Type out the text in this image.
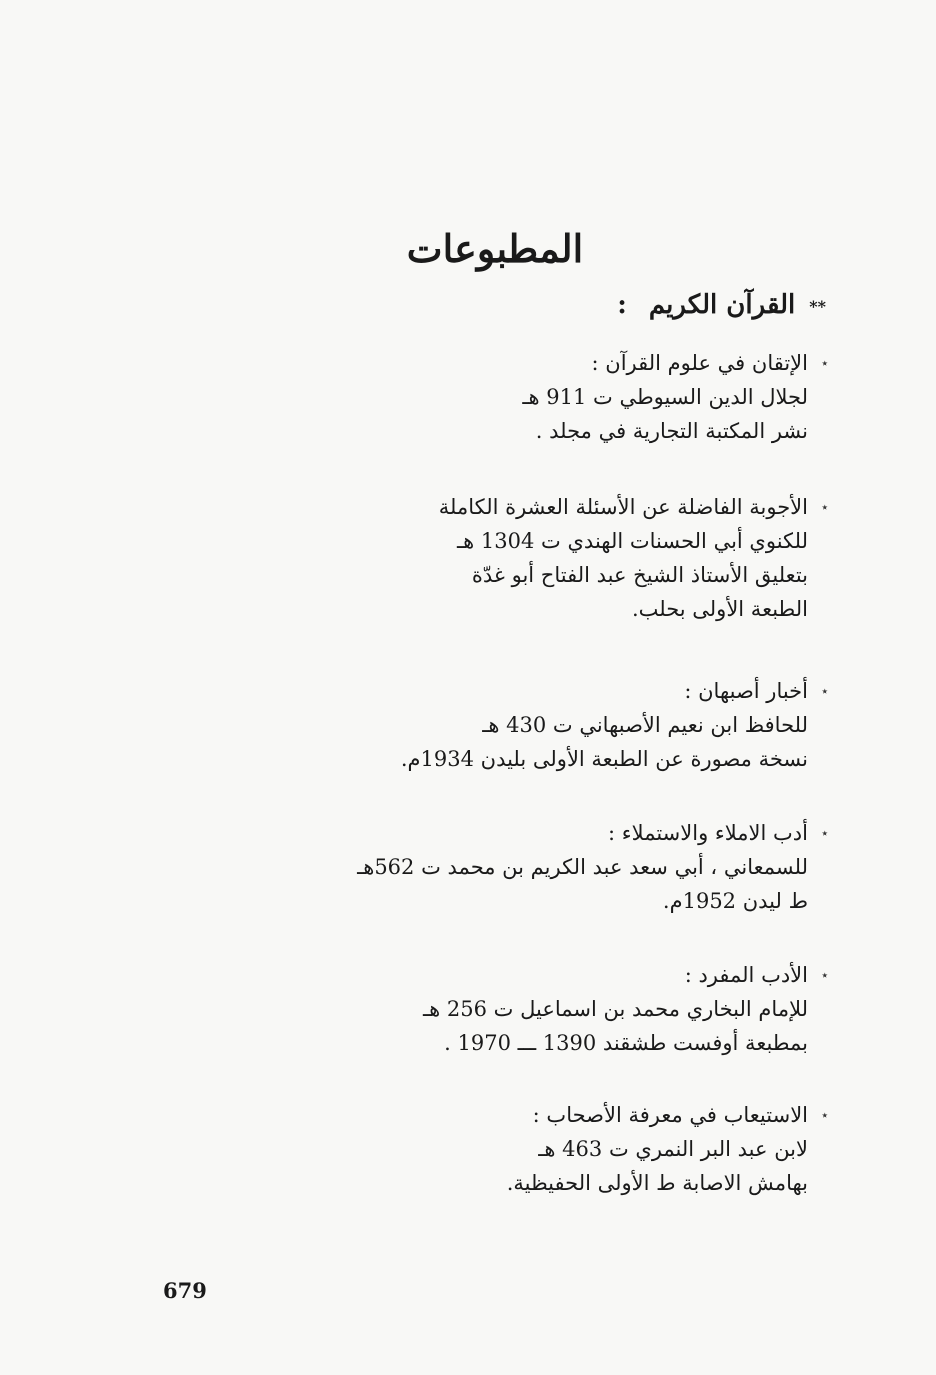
المطبوعات
**القرآن الكريم:
٭
الإتقان في علوم القرآن :
لجلال الدين السيوطي ت 911 هـ
نشر المكتبة التجارية في مجلد .
٭
الأجوبة الفاضلة عن الأسئلة العشرة الكاملة
للكنوي أبي الحسنات الهندي ت 1304 هـ
بتعليق الأستاذ الشيخ عبد الفتاح أبو غدّة
الطبعة الأولى بحلب.
٭
أخبار أصبهان :
للحافظ ابن نعيم الأصبهاني ت 430 هـ
نسخة مصورة عن الطبعة الأولى بليدن 1934م.
٭
أدب الاملاء والاستملاء :
للسمعاني ، أبي سعد عبد الكريم بن محمد ت 562هـ
ط ليدن 1952م.
٭
الأدب المفرد :
للإمام البخاري محمد بن اسماعيل ت 256 هـ
بمطبعة أوفست طشقند 1390 ـــ 1970 .
٭
الاستيعاب في معرفة الأصحاب :
لابن عبد البر النمري ت 463 هـ
بهامش الاصابة ط الأولى الحفيظية.
679
